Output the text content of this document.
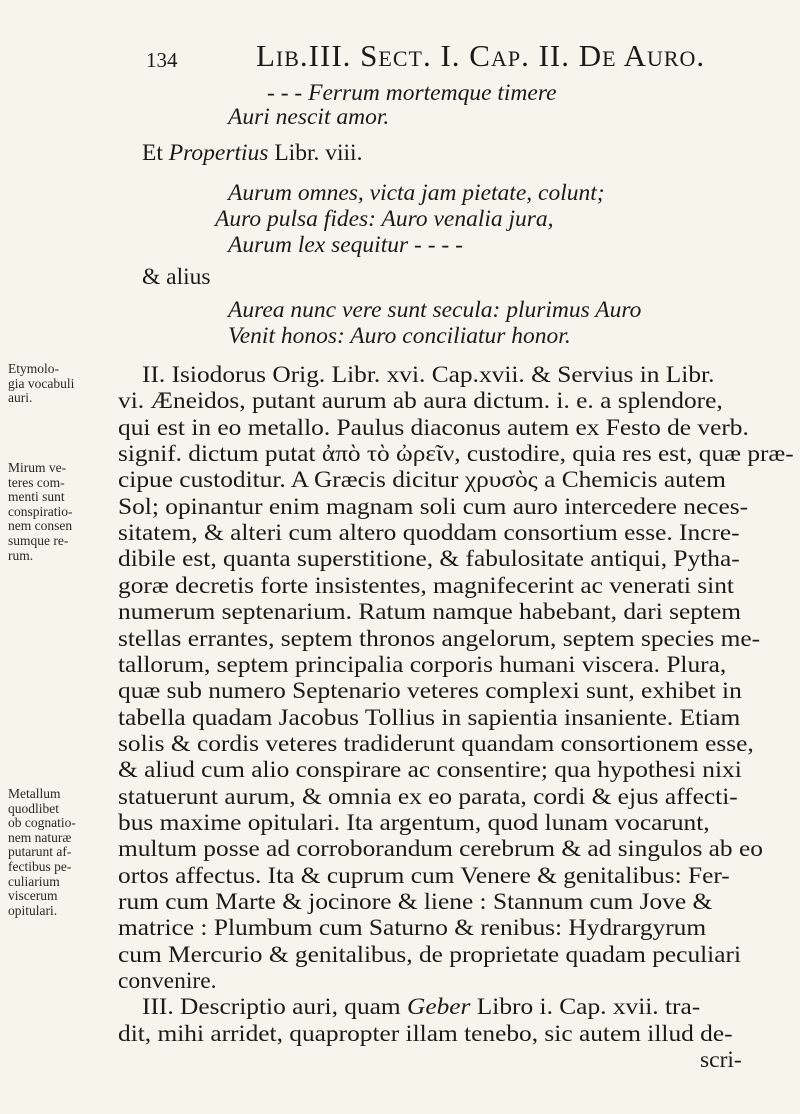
134	Lib.III. Sect. I. Cap. II. De Auro.
- - - Ferrum mortemque timere
Auri nescit amor.
Et Propertius Libr. viii.
Aurum omnes, victa jam pietate, colunt;
Auro pulsa fides: Auro venalia jura,
Aurum lex sequitur - - - -
& alius
Aurea nunc vere sunt secula: plurimus Auro
Venit honos: Auro conciliatur honor.
II. Isiodorus Orig. Libr. xvi. Cap.xvii. & Servius in Libr.
vi. Æneidos, putant aurum ab aura dictum. i. e. a splendore,
qui est in eo metallo. Paulus diaconus autem ex Festo de verb.
signif. dictum putat ἀπὸ τὸ ὠρεῖν, custodire, quia res est, quæ præ-
cipue custoditur. A Græcis dicitur χρυσὸς a Chemicis autem
Sol; opinantur enim magnam soli cum auro intercedere neces-
sitatem, & alteri cum altero quoddam consortium esse. Incre-
dibile est, quanta superstitione, & fabulositate antiqui, Pytha-
goræ decretis forte insistentes, magnifecerint ac venerati sint
numerum septenarium. Ratum namque habebant, dari septem
stellas errantes, septem thronos angelorum, septem species me-
tallorum, septem principalia corporis humani viscera. Plura,
quæ sub numero Septenario veteres complexi sunt, exhibet in
tabella quadam Jacobus Tollius in sapientia insaniente. Etiam
solis & cordis veteres tradiderunt quandam consortionem esse,
& aliud cum alio conspirare ac consentire; qua hypothesi nixi
statuerunt aurum, & omnia ex eo parata, cordi & ejus affecti-
bus maxime opitulari. Ita argentum, quod lunam vocarunt,
multum posse ad corroborandum cerebrum & ad singulos ab eo
ortos affectus. Ita & cuprum cum Venere & genitalibus: Fer-
rum cum Marte & jocinore & liene : Stannum cum Jove &
matrice : Plumbum cum Saturno & renibus: Hydrargyrum
cum Mercurio & genitalibus, de proprietate quadam peculiari
convenire.
III. Descriptio auri, quam Geber Libro i. Cap. xvii. tra-
dit, mihi arridet, quapropter illam tenebo, sic autem illud de-
scri-
Etymolo-
gia vocabuli
auri.
Mirum ve-
teres com-
menti sunt
conspiratio-
nem consen
sumque re-
rum.
Metallum
quodlibet
ob cognatio-
nem naturæ
putarunt af-
fectibus pe-
culiarium
viscerum
opitulari.
